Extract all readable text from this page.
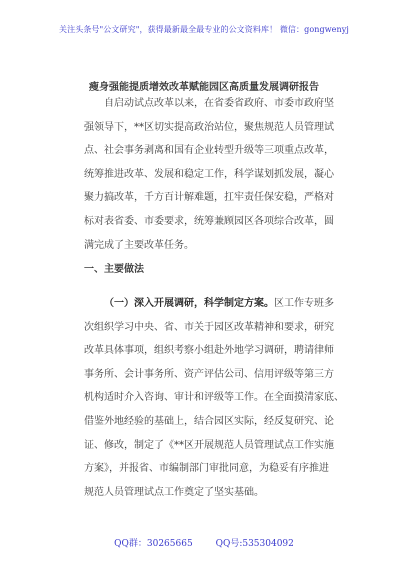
关注头条号"公文研究"，获得最新最全最专业的公文资料库！ 微信：gongwenyj
瘦身强能提质增效改革赋能园区高质量发展调研报告
自启动试点改革以来，在省委省政府、市委市政府坚
强领导下，**区切实提高政治站位，聚焦规范人员管理试
点、社会事务剥离和国有企业转型升级等三项重点改革，
统筹推进改革、发展和稳定工作，科学谋划抓发展，凝心
聚力搞改革，千方百计解难题，扛牢责任保安稳，严格对
标对表省委、市委要求，统筹兼顾园区各项综合改革，圆
满完成了主要改革任务。
一、主要做法
（一）深入开展调研，科学制定方案。区工作专班多
次组织学习中央、省、市关于园区改革精神和要求，研究
改革具体事项，组织考察小组赴外地学习调研，聘请律师
事务所、会计事务所、资产评估公司、信用评级等第三方
机构适时介入咨询、审计和评级等工作。在全面摸清家底、
借鉴外地经验的基础上，结合园区实际，经反复研究、论
证、修改，制定了《**区开展规范人员管理试点工作实施
方案》，并报省、市编制部门审批同意，为稳妥有序推进
规范人员管理试点工作奠定了坚实基础。
QQ群：30265665	QQ号:535304092
